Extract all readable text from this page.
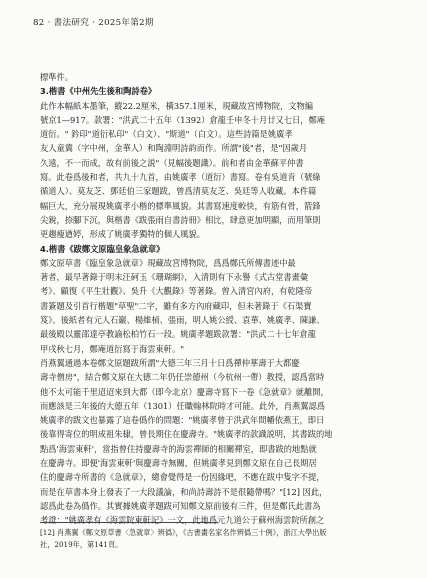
82 · 書法研究 · 2025年第2期
標準件。
3.楷書《中州先生後和陶詩卷》
此作本幅紙本墨筆，縱22.2厘米，橫357.1厘米，現藏故宮博物院，文物編
號京1—917。款署："洪武二十五年（1392）倉龍壬申冬十月廿又七日，鄭庵
道衍。" 鈐印"道衍私印"（白文）、"斯道"（白文）。這些詩篇是姚廣孝
友人童冀（字中州，金華人）和陶淵明詩韵而作。所謂"後"者，是"因歲月
久遠，不一而成，故有前後之説"（見幅後題識）。前和者由金華蘇平仲書
寫。此卷爲後和者，共九十九首，由姚廣孝（道衍）書寫。卷有吳道肯（號綠
循道人）、莫友芝、鄧廷伯三家題跋，曾爲清莫友芝、吳廷等人收藏。本件篇
幅巨大，充分展現姚廣孝小楷的標準風貌。其書寫速度較快，有筋有骨，箭鋒
尖銳，捺腳下沉，與楷書《跋張雨自書詩冊》相比，肆意更加明顯，而用筆則
更趨瘦遒婷，形成了姚廣孝獨特的個人風貌。
4.楷書《跋鄭文原臨皇象急就章》
鄭文原草書《臨皇象急就章》現藏故宮博物院，爲爲鄭氏所傳書迹中最
著者，最早著錄于明末汪砢玉《珊瑚網》，入清則有下永譽《式古堂書畫彙
考》、顧復《平生壯觀》、吳升《大觀錄》等著錄。曾入清宮內府，有乾隆帝
書簽題及引首行楷題"草聖"二字，雖有多方內府藏印，但未著錄于《石渠寶
笈》。後紙者有元人石巖、楊維楨、張雨，明人姚公綬、袁華、姚廣孝、陳謙、
最後殿以靈邵達亭教諭松柏竹石一段。姚廣孝題跋款署："洪武二十七年倉龍
甲戌秋七月，鄭庵道衍寫于海雲東軒。"
肖燕翼通過本卷鄭文原題跋所謂"大德三年三月十日爲禪仲華壽于大都慶
壽寺僧房"，結合鄭文原在大德二年仍任崇德州（今杭州一帶）教授，認爲當時
他不太可能千里迢迢來到大都（即今北京）慶壽寺寫下一卷《急就章》就離開，
而應該是三年後的大德五年（1301）任職翰林院時才可能。此外，肖燕翼認爲
姚廣孝的跋文也暴露了這卷僞作的問題："姚廣孝曾于洪武年間幡依燕王，即日
後靠得寄位的明成祖朱棣，曾長期住在慶壽寺。"姚廣孝的款識説明，其書跋的地
點爲'海雲東軒'，當指曾住持慶壽寺的海雲禪師的相關禪室，即書跋的地點就
在慶壽寺。即便'海雲東軒'與慶壽寺無關，但姚廣孝見到鄭文原在自己長期居
住的慶壽寺所書的《急就章》，總會覺得是一份因緣吧，不應在跋中隻字不提，
而是在草書本身上發表了一大段議論，和尚詩壽詩不是很隨帶嗎？"[12] 因此，
認爲此卷為僞作。其實據姚廣孝題跋可知鄭文原前後有三件，但是鄭氏此書為
考證："姚廣孝有《海雲院東軒記》一文，此地爲元九道公于蘇州海雲院所創之
[12] 肖燕翼《鄭文原草書〈急就章〉辨僞》，《古書畫名家名作辨僞三十例》，浙江大學出版
社，2019年，第141頁。
